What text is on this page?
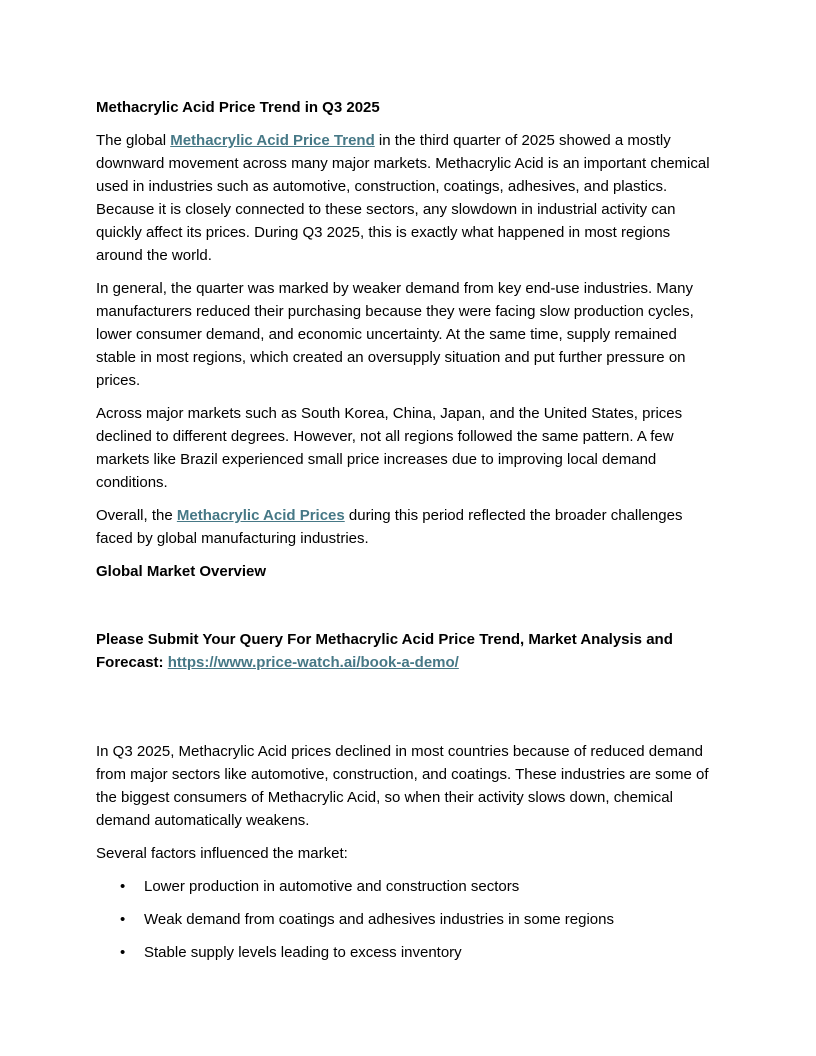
Methacrylic Acid Price Trend in Q3 2025

The global Methacrylic Acid Price Trend in the third quarter of 2025 showed a mostly downward movement across many major markets. Methacrylic Acid is an important chemical used in industries such as automotive, construction, coatings, adhesives, and plastics. Because it is closely connected to these sectors, any slowdown in industrial activity can quickly affect its prices. During Q3 2025, this is exactly what happened in most regions around the world.

In general, the quarter was marked by weaker demand from key end-use industries. Many manufacturers reduced their purchasing because they were facing slow production cycles, lower consumer demand, and economic uncertainty. At the same time, supply remained stable in most regions, which created an oversupply situation and put further pressure on prices.

Across major markets such as South Korea, China, Japan, and the United States, prices declined to different degrees. However, not all regions followed the same pattern. A few markets like Brazil experienced small price increases due to improving local demand conditions.

Overall, the Methacrylic Acid Prices during this period reflected the broader challenges faced by global manufacturing industries.

Global Market Overview

Please Submit Your Query For Methacrylic Acid Price Trend, Market Analysis and Forecast: https://www.price-watch.ai/book-a-demo/

In Q3 2025, Methacrylic Acid prices declined in most countries because of reduced demand from major sectors like automotive, construction, and coatings. These industries are some of the biggest consumers of Methacrylic Acid, so when their activity slows down, chemical demand automatically weakens.

Several factors influenced the market:

• Lower production in automotive and construction sectors
• Weak demand from coatings and adhesives industries in some regions
• Stable supply levels leading to excess inventory
